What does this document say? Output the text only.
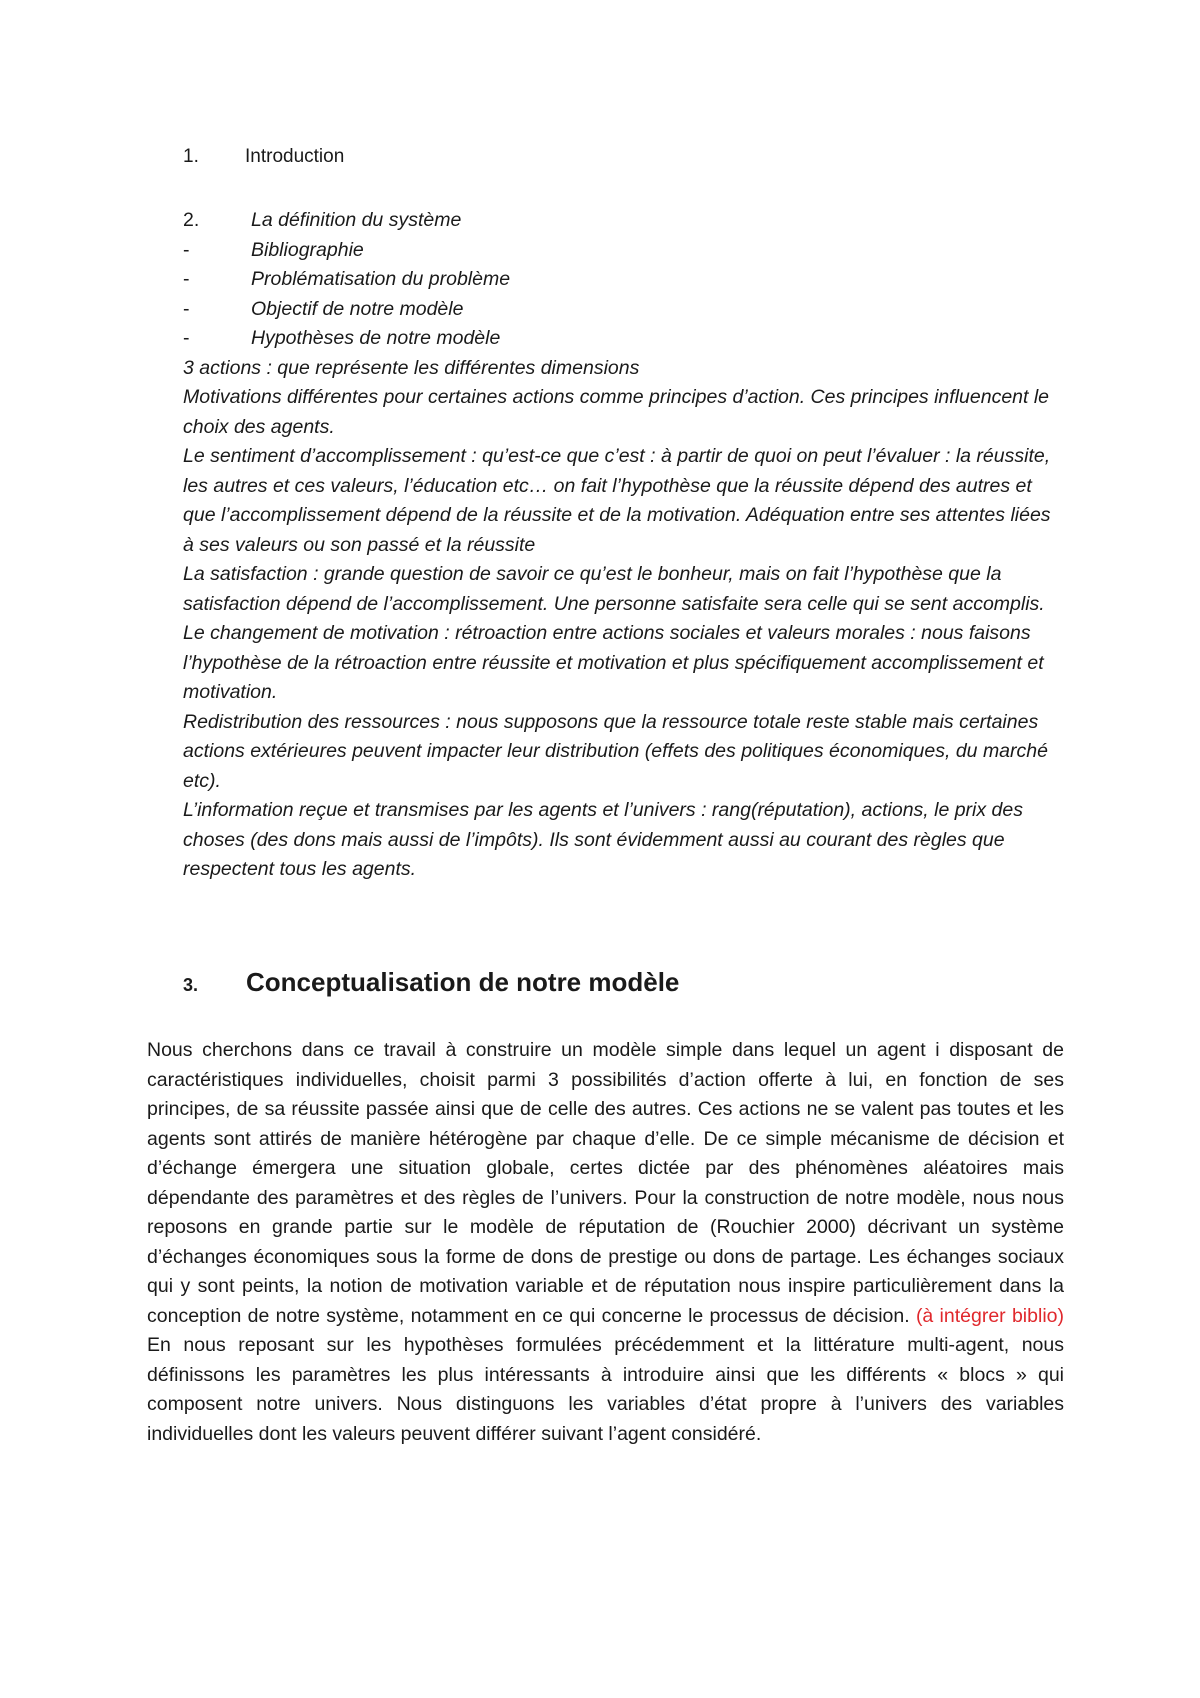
1. Introduction
2.	La définition du système
-	Bibliographie
-	Problématisation du problème
-	Objectif de notre modèle
-	Hypothèses de notre modèle
3 actions : que représente les différentes dimensions
Motivations différentes pour certaines actions comme principes d’action. Ces principes influencent le choix des agents.
Le sentiment d’accomplissement : qu’est-ce que c’est : à partir de quoi on peut l’évaluer : la réussite, les autres et ces valeurs, l’éducation etc… on fait l’hypothèse que la réussite dépend des autres et que l’accomplissement dépend de la réussite et de la motivation. Adéquation entre ses attentes liées à ses valeurs ou son passé et la réussite
La satisfaction : grande question de savoir ce qu’est le bonheur, mais on fait l’hypothèse que la satisfaction dépend de l’accomplissement. Une personne satisfaite sera celle qui se sent accomplis.
Le changement de motivation : rétroaction entre actions sociales et valeurs morales : nous faisons l’hypothèse de la rétroaction entre réussite et motivation et plus spécifiquement accomplissement et motivation.
Redistribution des ressources : nous supposons que la ressource totale reste stable mais certaines actions extérieures peuvent impacter leur distribution (effets des politiques économiques, du marché etc).
L’information reçue et transmises par les agents et l’univers : rang(réputation), actions, le prix des choses (des dons mais aussi de l’impôts). Ils sont évidemment aussi au courant des règles que respectent tous les agents.
3. Conceptualisation de notre modèle
Nous cherchons dans ce travail à construire un modèle simple dans lequel un agent i disposant de caractéristiques individuelles, choisit parmi 3 possibilités d’action offerte à lui, en fonction de ses principes, de sa réussite passée ainsi que de celle des autres. Ces actions ne se valent pas toutes et les agents sont attirés de manière hétérogène par chaque d’elle. De ce simple mécanisme de décision et d’échange émergera une situation globale, certes dictée par des phénomènes aléatoires mais dépendante des paramètres et des règles de l’univers. Pour la construction de notre modèle, nous nous reposons en grande partie sur le modèle de réputation de (Rouchier 2000) décrivant un système d’échanges économiques sous la forme de dons de prestige ou dons de partage. Les échanges sociaux qui y sont peints, la notion de motivation variable et de réputation nous inspire particulièrement dans la conception de notre système, notamment en ce qui concerne le processus de décision. (à intégrer biblio) En nous reposant sur les hypothèses formulées précédemment et la littérature multi-agent, nous définissons les paramètres les plus intéressants à introduire ainsi que les différents « blocs » qui composent notre univers. Nous distinguons les variables d’état propre à l’univers des variables individuelles dont les valeurs peuvent différer suivant l’agent considéré.
